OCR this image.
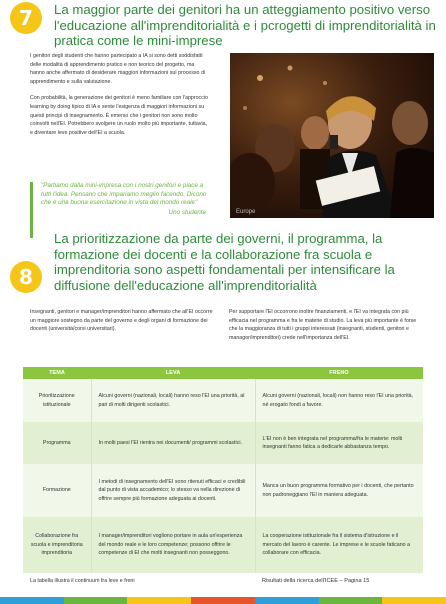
7	La maggior parte dei genitori ha un atteggiamento positivo verso l'educazione all'imprenditorialità e i pcrogetti di imprenditorialità in pratica come le mini-imprese

I genitori degli studenti che hanno partecipato a IA si sono detti soddisfatti delle modalità di apprendimento pratico e non teorico del progetto, ma hanno anche affermato di desiderare maggiori informazioni sul processo di apprendimento e sulla valutazione.

Con probabilità, la generazione dei genitori è meno familiare con l'approccio learning by doing tipico di IA e sente l'esigenza di maggiori informazioni su questi principi di insegnamento. È emerso che i genitori non sono molto coinvolti nell'EI. Potrebbero svolgere un ruolo molto più importante, tuttavia, e diventare leve positive dell'EI a scuola.

"Partiamo dalla mini-impresa con i nostri genitori e piace a tutti l'idea. Pensano che impariamo meglio facendo. Dicono che è una buona esercitazione in vista del mondo reale"
Uno studente	Europe
8
La prioritizzazione da parte dei governi, il programma, la formazione dei docenti e la collaborazione fra scuola e imprenditoria sono aspetti fondamentali per intensificare la diffusione dell'educazione all'imprenditorialità
Insegnanti, genitori e manager/imprenditori hanno affermato che all'EI occorre un maggiore sostegno da parte del governo e degli organi di formazione dei docenti (università/corsi universitari).
Per supportare l'EI occorrono inoltre finanziamenti, e l'EI va integrata con più efficacia nel programma e fra le materie di studio. La leva più importante è forse che la maggioranza di tutti i gruppi interessati (insegnanti, studenti, genitori e manager/imprenditori) crede nell'importanza dell'EI.
TEMA	LEVA	FRENO
Prioritizzazione istituzionale	Alcuni governi (nazionali, locali) hanno reso l'EI una priorità, al pari di molti dirigenti scolastici.	Alcuni governi (nazionali, locali) non hanno reso l'EI una priorità, né erogato fondi a favore.
Programma	In molti paesi l'EI rientra nei documenti/ programmi scolastici.	L'EI non è ben integrata nel programma/fra le materie: molti insegnanti fanno fatica a dedicarle abbastanza tempo.
Formazione	I metodi di insegnamento dell'EI sono ritenuti efficaci e credibili dal punto di vista accademico; lo stesso va nella direzione di offrire sempre più formazione adeguata ai docenti.	Manca un buon programma formativo per i docenti, che pertanto non padroneggiano l'EI in maniera adeguata.
Collaborazione fra scuola e imprenditoria imprenditoria	I manager/imprenditori vogliono portare in aula un'esperienza del mondo reale e le loro competenze; possono offrire le competenze di EI che molti insegnanti non posseggono.	La cooperazione istituzionale fra il sistema d'istruzione e il mercato del lavoro è carente. Le imprese e le scuole faticano a collaborare con efficacia.
La tabella illustra il continuum fra leve e freni	Risultati della ricerca dell'ICEE – Pagina 15
